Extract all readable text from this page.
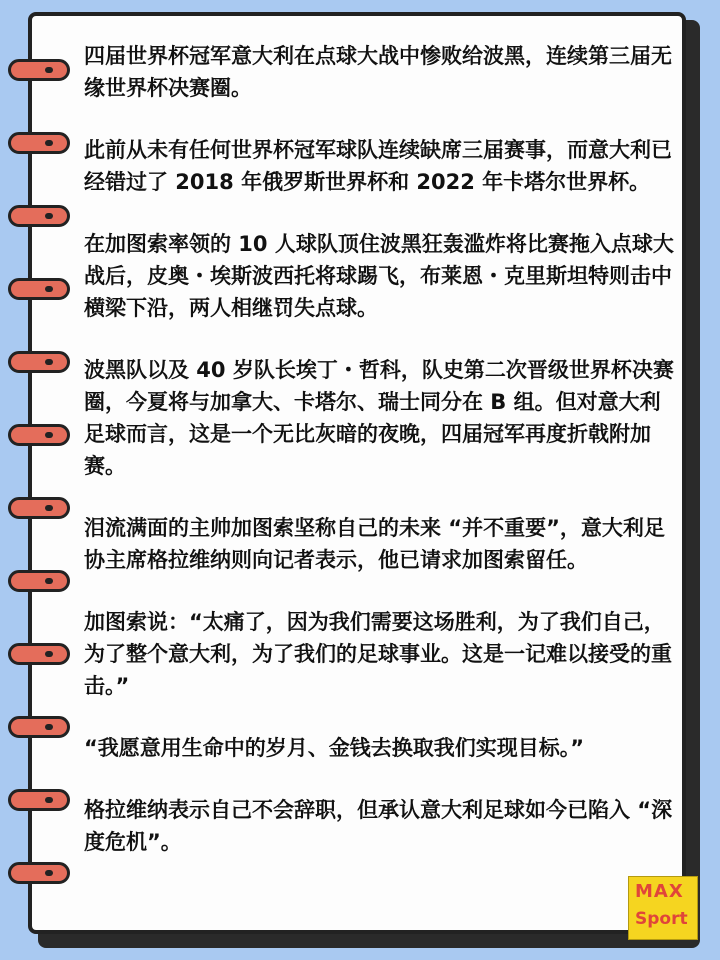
四届世界杯冠军意大利在点球大战中惨败给波黑，连续第三届无缘世界杯决赛圈。

此前从未有任何世界杯冠军球队连续缺席三届赛事，而意大利已经错过了 2018 年俄罗斯世界杯和 2022 年卡塔尔世界杯。

在加图索率领的 10 人球队顶住波黑狂轰滥炸将比赛拖入点球大战后，皮奥・埃斯波西托将球踢飞，布莱恩・克里斯坦特则击中横梁下沿，两人相继罚失点球。

波黑队以及 40 岁队长埃丁・哲科，队史第二次晋级世界杯决赛圈，今夏将与加拿大、卡塔尔、瑞士同分在 B 组。但对意大利足球而言，这是一个无比灰暗的夜晚，四届冠军再度折戟附加赛。

泪流满面的主帅加图索坚称自己的未来 “并不重要”，意大利足协主席格拉维纳则向记者表示，他已请求加图索留任。

加图索说：“太痛了，因为我们需要这场胜利，为了我们自己，为了整个意大利，为了我们的足球事业。这是一记难以接受的重击。”

“我愿意用生命中的岁月、金钱去换取我们实现目标。”

格拉维纳表示自己不会辞职，但承认意大利足球如今已陷入 “深度危机”。

MAX
Sport
